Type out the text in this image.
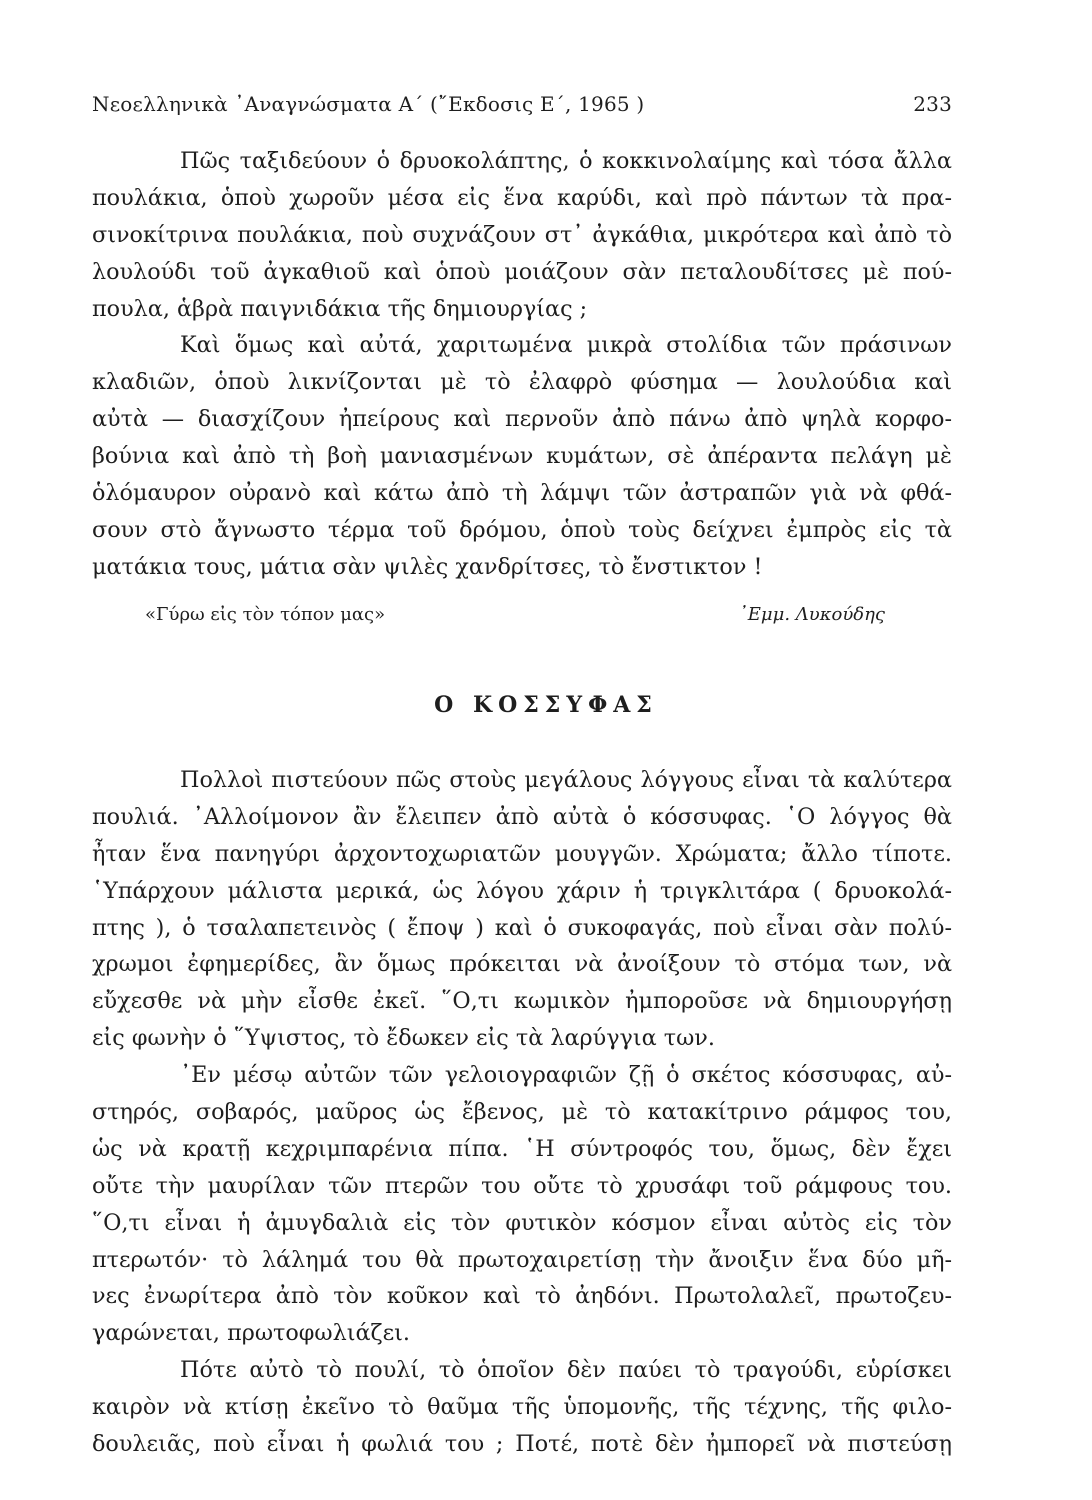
Νεοελληνικὰ ᾿Αναγνώσματα Α΄ (῎Εκδοσις Ε΄, 1965 )	233
Πῶς ταξιδεύουν ὁ δρυοκολάπτης, ὁ κοκκινολαίμης καὶ τόσα ἄλλα
πουλάκια, ὁποὺ χωροῦν μέσα εἰς ἕνα καρύδι, καὶ πρὸ πάντων τὰ πρα-
σινοκίτρινα πουλάκια, ποὺ συχνάζουν στ᾿ ἀγκάθια, μικρότερα καὶ ἀπὸ τὸ
λουλούδι τοῦ ἀγκαθιοῦ καὶ ὁποὺ μοιάζουν σὰν πεταλουδίτσες μὲ πού-
πουλα, ἁβρὰ παιγνιδάκια τῆς δημιουργίας ;
Καὶ ὅμως καὶ αὐτά, χαριτωμένα μικρὰ στολίδια τῶν πράσινων
κλαδιῶν, ὁποὺ λικνίζονται μὲ τὸ ἐλαφρὸ φύσημα — λουλούδια καὶ
αὐτὰ — διασχίζουν ἠπείρους καὶ περνοῦν ἀπὸ πάνω ἀπὸ ψηλὰ κορφο-
βούνια καὶ ἀπὸ τὴ βοὴ μανιασμένων κυμάτων, σὲ ἀπέραντα πελάγη μὲ
ὁλόμαυρον οὐρανὸ καὶ κάτω ἀπὸ τὴ λάμψι τῶν ἀστραπῶν γιὰ νὰ φθά-
σουν στὸ ἄγνωστο τέρμα τοῦ δρόμου, ὁποὺ τοὺς δείχνει ἐμπρὸς εἰς τὰ
ματάκια τους, μάτια σὰν ψιλὲς χανδρίτσες, τὸ ἔνστικτον !
«Γύρω εἰς τὸν τόπον μας»	᾿Εμμ. Λυκούδης
Ο ΚΟΣΣΥΦΑΣ
Πολλοὶ πιστεύουν πῶς στοὺς μεγάλους λόγγους εἶναι τὰ καλύτερα
πουλιά. ᾿Αλλοίμονον ἂν ἔλειπεν ἀπὸ αὐτὰ ὁ κόσσυφας. ῾Ο λόγγος θὰ
ἦταν ἕνα πανηγύρι ἀρχοντοχωριατῶν μουγγῶν. Χρώματα; ἄλλο τίποτε.
῾Υπάρχουν μάλιστα μερικά, ὡς λόγου χάριν ἡ τριγκλιτάρα ( δρυοκολά-
πτης ), ὁ τσαλαπετεινὸς ( ἔποψ ) καὶ ὁ συκοφαγάς, ποὺ εἶναι σὰν πολύ-
χρωμοι ἐφημερίδες, ἂν ὅμως πρόκειται νὰ ἀνοίξουν τὸ στόμα των, νὰ
εὔχεσθε νὰ μὴν εἶσθε ἐκεῖ. ῞Ο,τι κωμικὸν ἠμποροῦσε νὰ δημιουργήσῃ
εἰς φωνὴν ὁ ῞Υψιστος, τὸ ἔδωκεν εἰς τὰ λαρύγγια των.
᾿Εν μέσῳ αὐτῶν τῶν γελοιογραφιῶν ζῇ ὁ σκέτος κόσσυφας, αὐ-
στηρός, σοβαρός, μαῦρος ὡς ἔβενος, μὲ τὸ κατακίτρινο ράμφος του,
ὡς νὰ κρατῇ κεχριμπαρένια πίπα. ῾Η σύντροφός του, ὅμως, δὲν ἔχει
οὔτε τὴν μαυρίλαν τῶν πτερῶν του οὔτε τὸ χρυσάφι τοῦ ράμφους του.
῞Ο,τι εἶναι ἡ ἀμυγδαλιὰ εἰς τὸν φυτικὸν κόσμον εἶναι αὐτὸς εἰς τὸν
πτερωτόν· τὸ λάλημά του θὰ πρωτοχαιρετίσῃ τὴν ἄνοιξιν ἕνα δύο μῆ-
νες ἐνωρίτερα ἀπὸ τὸν κοῦκον καὶ τὸ ἀηδόνι. Πρωτολαλεῖ, πρωτοζευ-
γαρώνεται, πρωτοφωλιάζει.
Πότε αὐτὸ τὸ πουλί, τὸ ὁποῖον δὲν παύει τὸ τραγούδι, εὑρίσκει
καιρὸν νὰ κτίσῃ ἐκεῖνο τὸ θαῦμα τῆς ὑπομονῆς, τῆς τέχνης, τῆς φιλο-
δουλειᾶς, ποὺ εἶναι ἡ φωλιά του ; Ποτέ, ποτὲ δὲν ἠμπορεῖ νὰ πιστεύσῃ
